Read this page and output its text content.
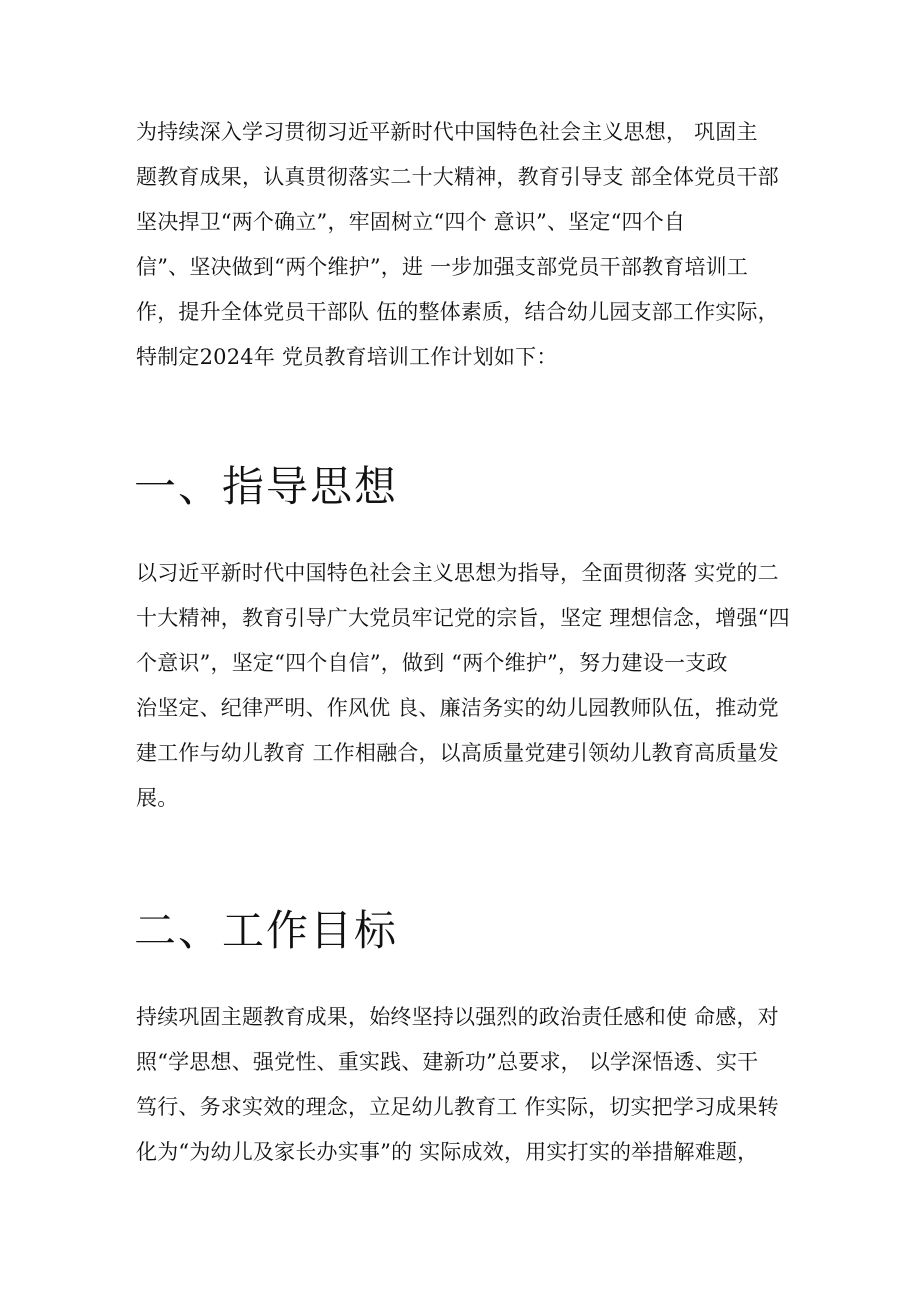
为持续深入学习贯彻习近平新时代中国特色社会主义思想， 巩固主
题教育成果，认真贯彻落实二十大精神，教育引导支 部全体党员干部
坚决捍卫“两个确立”，牢固树立“四个 意识”、坚定“四个自
信”、坚决做到“两个维护”，进 一步加强支部党员干部教育培训工
作，提升全体党员干部队 伍的整体素质，结合幼儿园支部工作实际，
特制定2024年 党员教育培训工作计划如下：
一、指导思想
以习近平新时代中国特色社会主义思想为指导，全面贯彻落 实党的二
十大精神，教育引导广大党员牢记党的宗旨，坚定 理想信念，增强“四
个意识”，坚定“四个自信”，做到 “两个维护”，努力建设一支政
治坚定、纪律严明、作风优 良、廉洁务实的幼儿园教师队伍，推动党
建工作与幼儿教育 工作相融合，以高质量党建引领幼儿教育高质量发
展。
二、工作目标
持续巩固主题教育成果，始终坚持以强烈的政治责任感和使 命感，对
照“学思想、强党性、重实践、建新功”总要求， 以学深悟透、实干
笃行、务求实效的理念，立足幼儿教育工 作实际，切实把学习成果转
化为“为幼儿及家长办实事”的 实际成效，用实打实的举措解难题，
